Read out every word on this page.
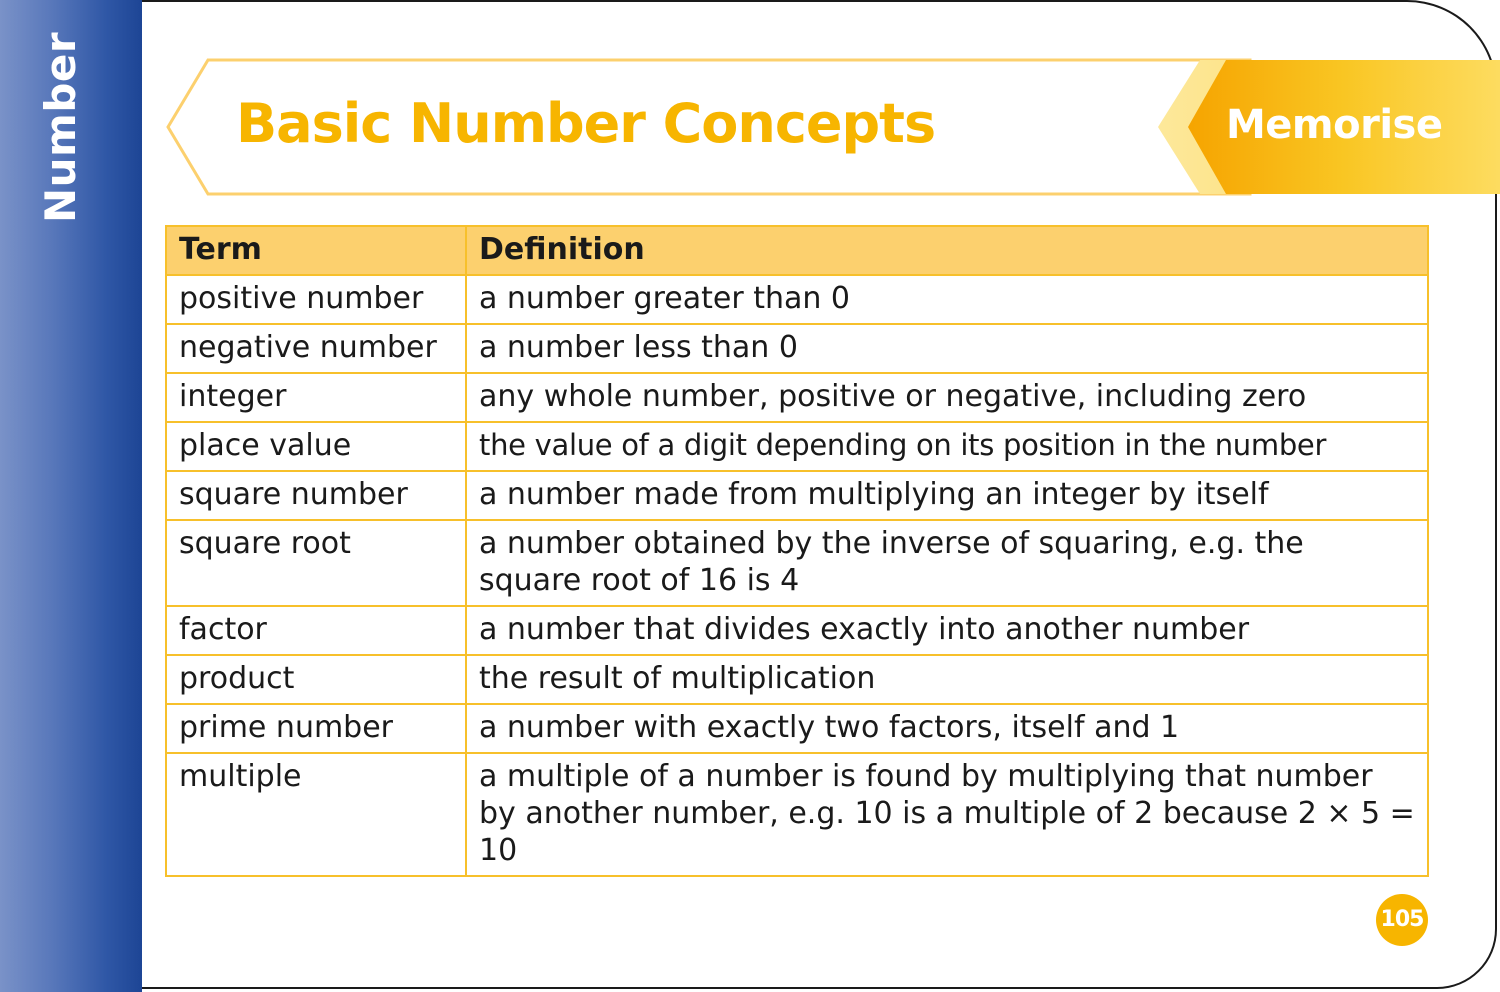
Number	Basic Number Concepts	Memorise
Term	Definition
positive number	a number greater than 0
negative number	a number less than 0
integer	any whole number, positive or negative, including zero
place value	the value of a digit depending on its position in the number
square number	a number made from multiplying an integer by itself
square root	a number obtained by the inverse of squaring, e.g. the square root of 16 is 4
factor	a number that divides exactly into another number
product	the result of multiplication
prime number	a number with exactly two factors, itself and 1
multiple	a multiple of a number is found by multiplying that number by another number, e.g. 10 is a multiple of 2 because 2 × 5 = 10
105
